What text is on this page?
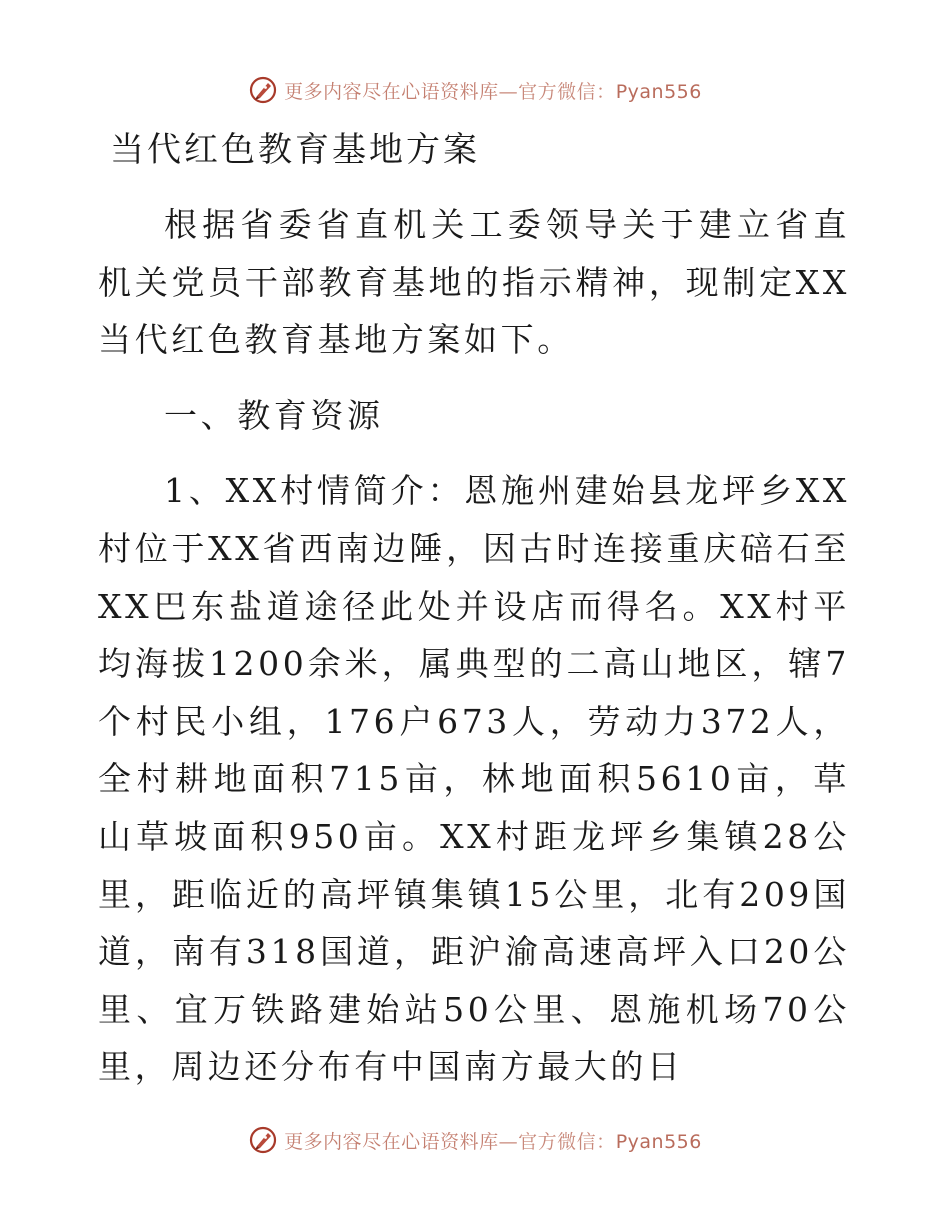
更多内容尽在心语资料库—官方微信：Pyan556
当代红色教育基地方案

根据省委省直机关工委领导关于建立省直机关党员干部教育基地的指示精神，现制定XX当代红色教育基地方案如下。

一、教育资源

1、XX村情简介：恩施州建始县龙坪乡XX村位于XX省西南边陲，因古时连接重庆碚石至XX巴东盐道途径此处并设店而得名。XX村平均海拔1200余米，属典型的二高山地区，辖7个村民小组，176户673人，劳动力372人，全村耕地面积715亩，林地面积5610亩，草山草坡面积950亩。XX村距龙坪乡集镇28公里，距临近的高坪镇集镇15公里，北有209国道，南有318国道，距沪渝高速高坪入口20公里、宜万铁路建始站50公里、恩施机场70公里，周边还分布有中国南方最大的日

更多内容尽在心语资料库—官方微信：Pyan556
